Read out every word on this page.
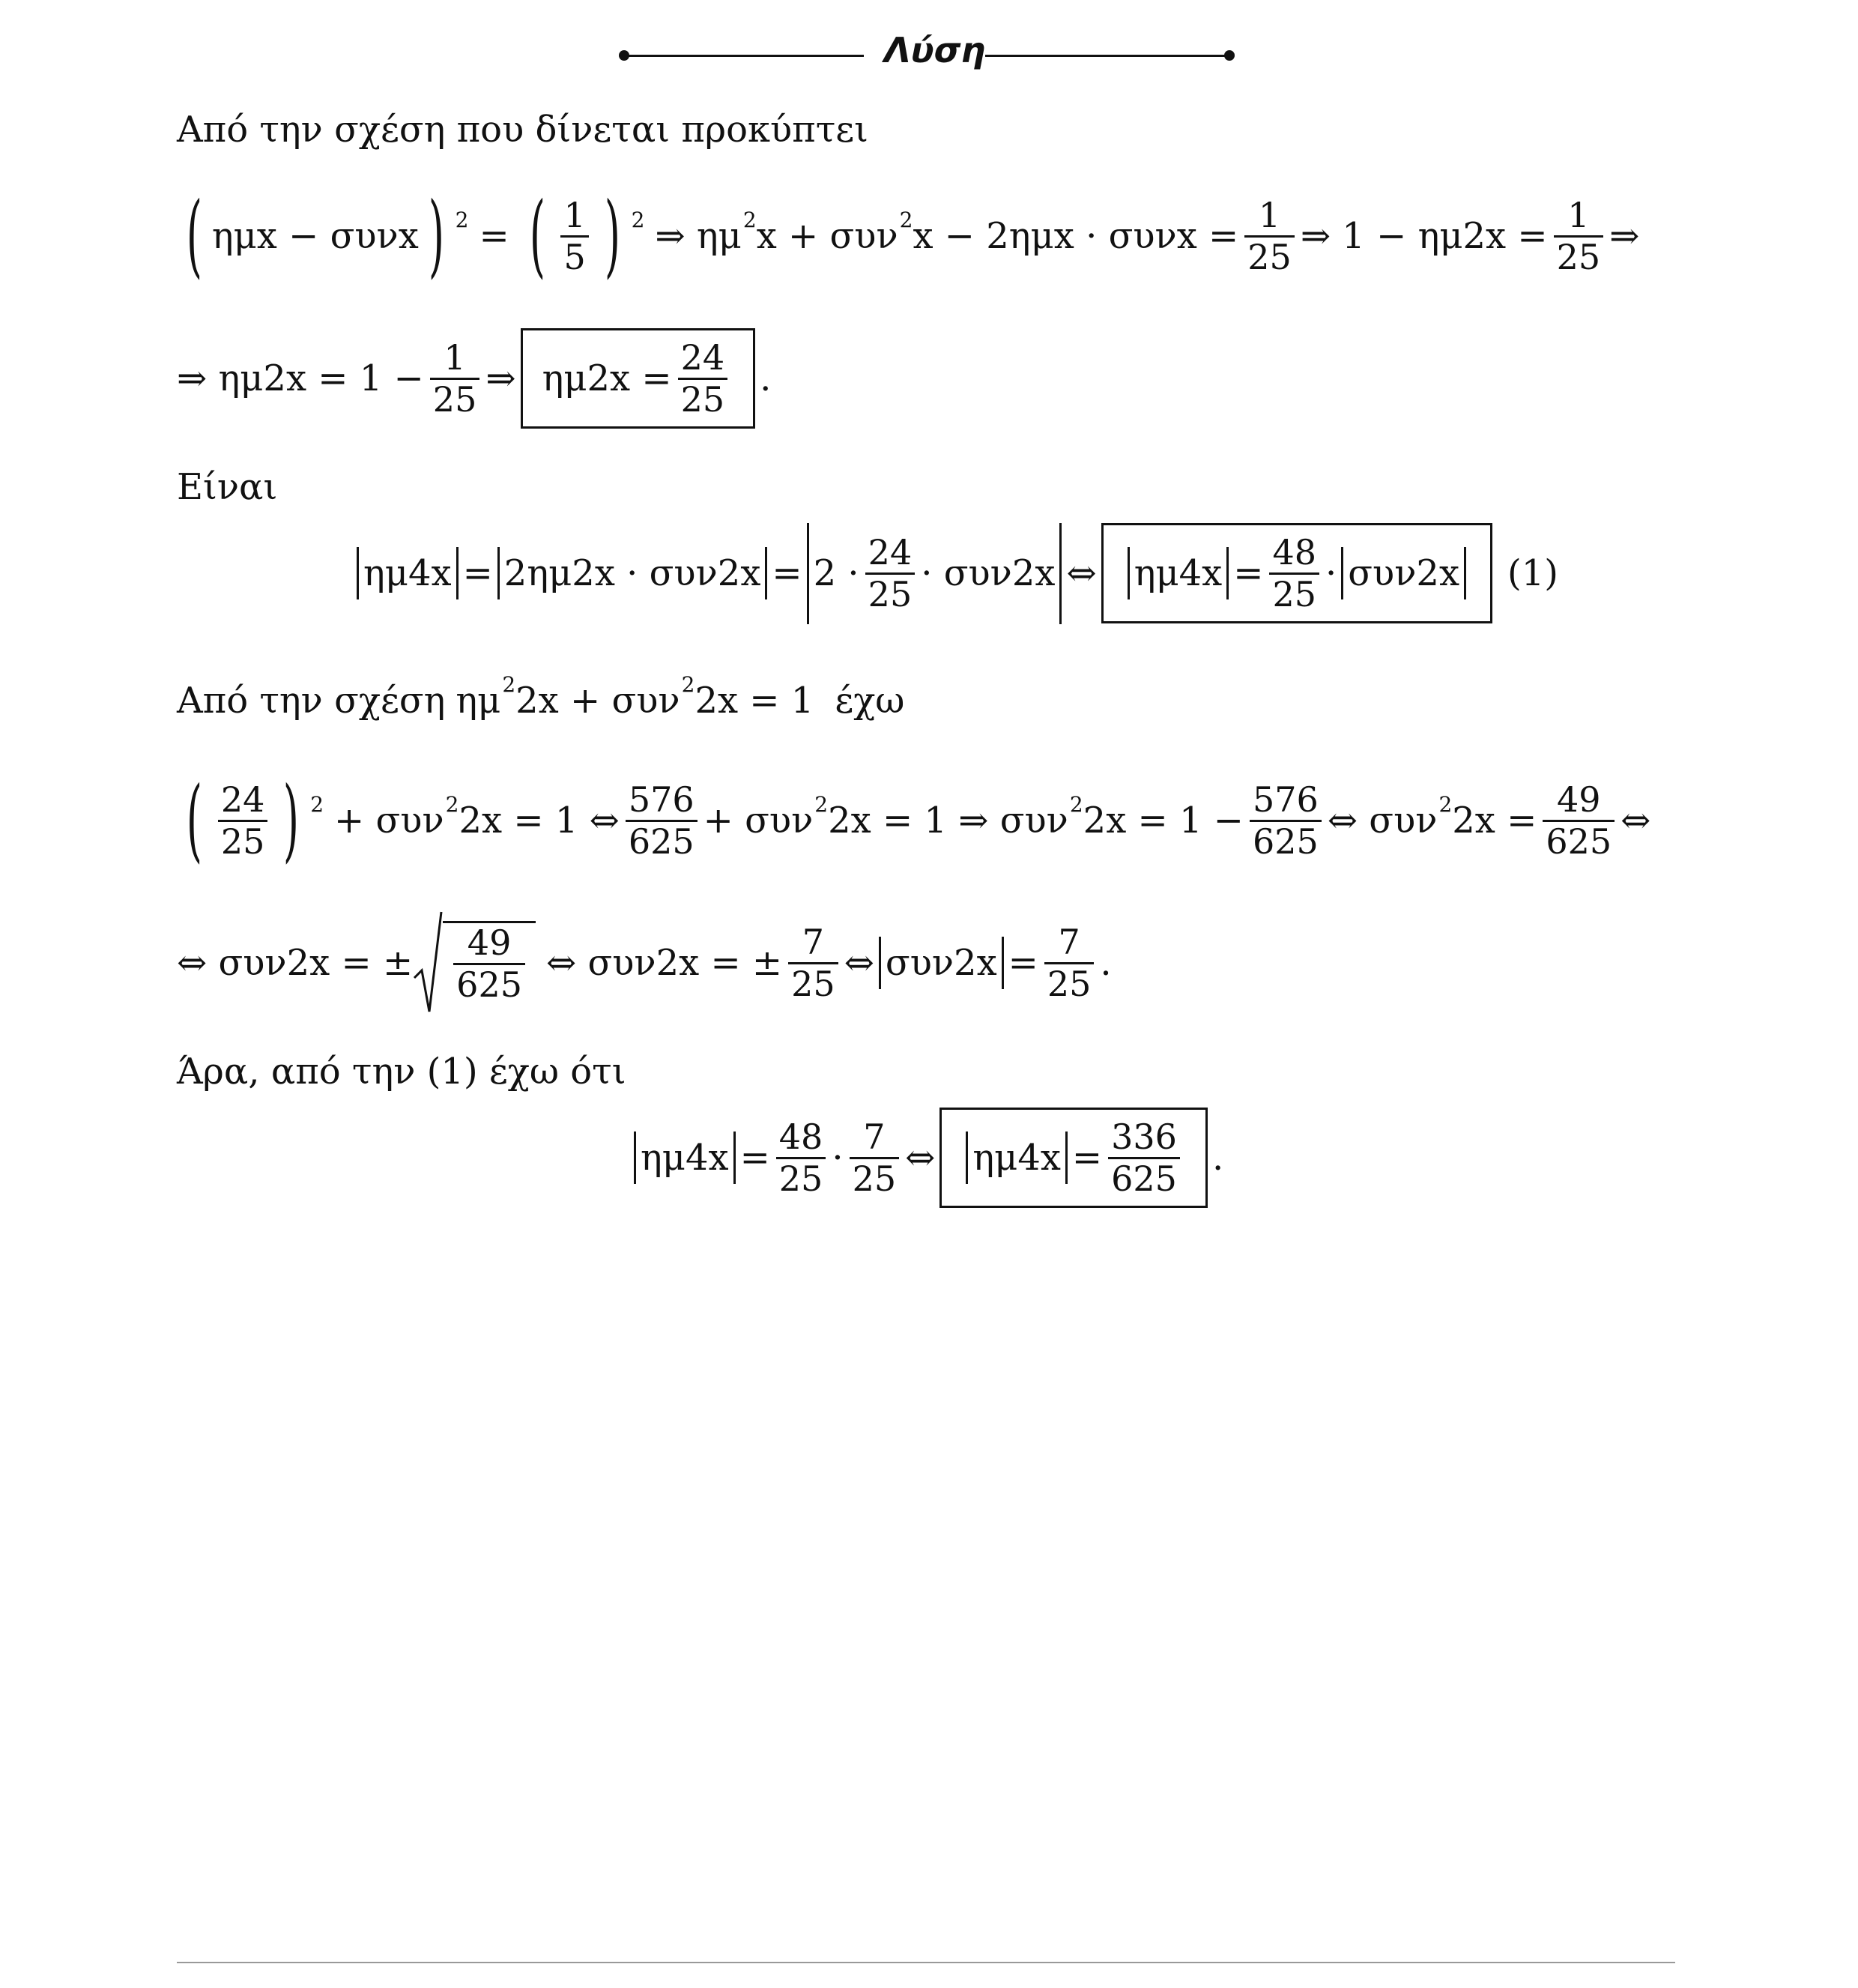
Λύση
Από την σχέση που δίνεται προκύπτει
( ημx − συνx ) 2 = ( $\frac{1}{5}$ ) 2 ⇒ ημ 2 x + συν 2 $x - 2\eta\mu x \cdot \sigma\upsilon\nu x = \frac{1}{25}$ ⇒ $1 - \eta\mu 2x = \frac{1}{25}$ ⇒
⇒ $\eta\mu 2x = 1 - \frac{1}{25}$ ⇒ $\eta\mu 2x = \frac{24}{25}$ .
Είναι
$\eta\mu 4x = 2\eta\mu 2x \cdot \sigma\upsilon\nu 2x = 2 \cdot \frac{24}{25} \cdot \sigma\upsilon\nu 2x$ ⇔ $\eta\mu 4x = \frac{48}{25} \cdot \sigma\upsilon\nu 2x$ (1)
Από την σχέση ημ 2 2x + συν 2 2x = 1 έχω
( $\frac{24}{25}$ ) 2 + συν 2 2x = 1 ⇔ $\frac{576}{625} + \sigma\upsilon\nu$ 2 2x = 1 ⇒ συν 2 $2x = 1 - \frac{576}{625}$ ⇔ συν 2 $2x = \frac{49}{625}$ ⇔
⇔ συν2x = ± $\frac{49}{625}$ ⇔ συν2x = ± $\frac{7}{25}$ ⇔ $\sigma\upsilon\nu 2x = \frac{7}{25}$ .
Άρα, από την (1) έχω ότι
$\eta\mu 4x = \frac{48}{25} \cdot \frac{7}{25}$ ⇔ $\eta\mu 4x = \frac{336}{625}$ .
